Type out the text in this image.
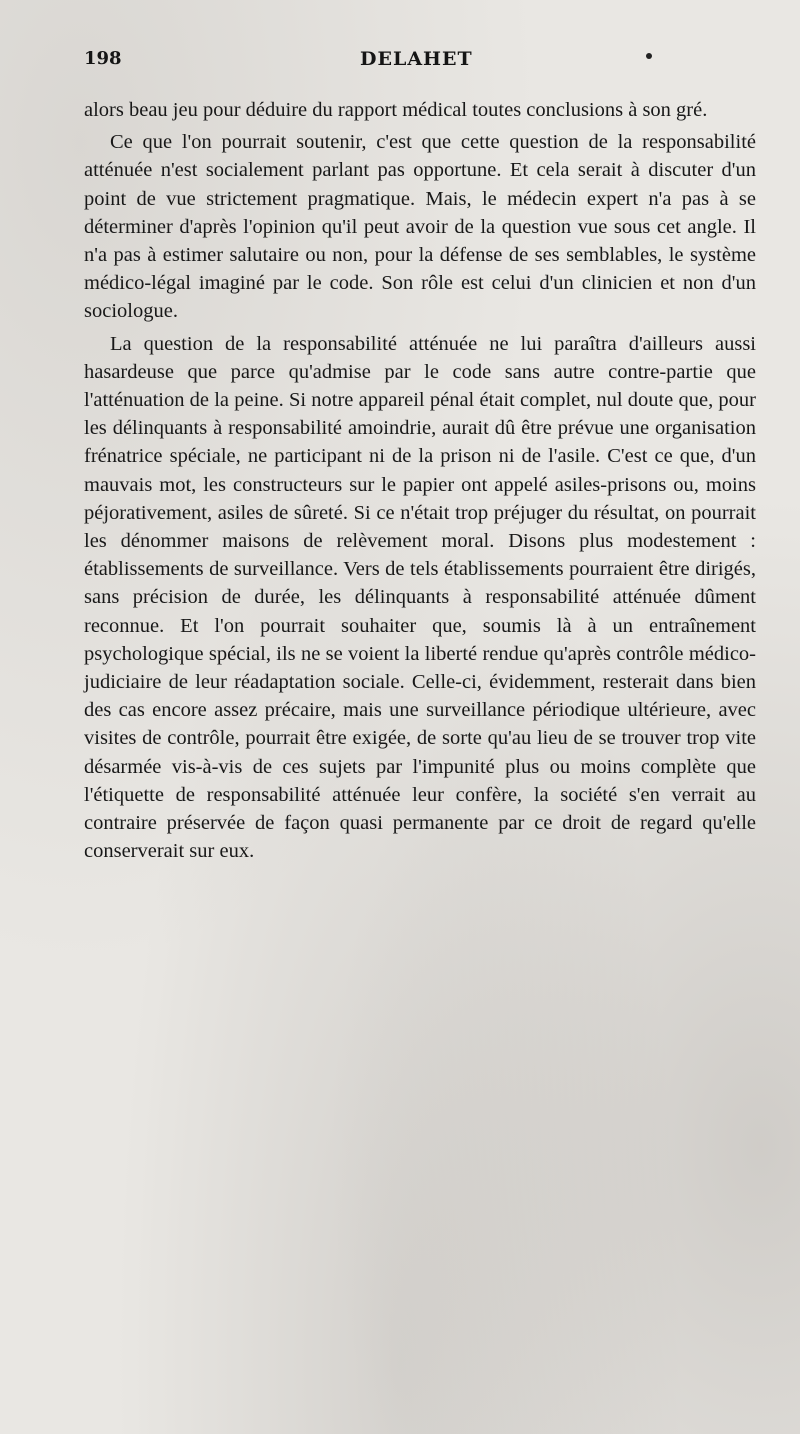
198	DELAHET

alors beau jeu pour déduire du rapport médical toutes conclusions à son gré.

Ce que l'on pourrait soutenir, c'est que cette question de la responsabilité atténuée n'est socialement parlant pas opportune. Et cela serait à discuter d'un point de vue strictement pragmatique. Mais, le médecin expert n'a pas à se déterminer d'après l'opinion qu'il peut avoir de la question vue sous cet angle. Il n'a pas à estimer salutaire ou non, pour la défense de ses semblables, le système médico-légal imaginé par le code. Son rôle est celui d'un clinicien et non d'un sociologue.

La question de la responsabilité atténuée ne lui paraîtra d'ailleurs aussi hasardeuse que parce qu'admise par le code sans autre contre-partie que l'atténuation de la peine. Si notre appareil pénal était complet, nul doute que, pour les délinquants à responsabilité amoindrie, aurait dû être prévue une organisation frénatrice spéciale, ne participant ni de la prison ni de l'asile. C'est ce que, d'un mauvais mot, les constructeurs sur le papier ont appelé asiles-prisons ou, moins péjorativement, asiles de sûreté. Si ce n'était trop préjuger du résultat, on pourrait les dénommer maisons de relèvement moral. Disons plus modestement : établissements de surveillance. Vers de tels établissements pourraient être dirigés, sans précision de durée, les délinquants à responsabilité atténuée dûment reconnue. Et l'on pourrait souhaiter que, soumis là à un entraînement psychologique spécial, ils ne se voient la liberté rendue qu'après contrôle médico-judiciaire de leur réadaptation sociale. Celle-ci, évidemment, resterait dans bien des cas encore assez précaire, mais une surveillance périodique ultérieure, avec visites de contrôle, pourrait être exigée, de sorte qu'au lieu de se trouver trop vite désarmée vis-à-vis de ces sujets par l'impunité plus ou moins complète que l'étiquette de responsabilité atténuée leur confère, la société s'en verrait au contraire préservée de façon quasi permanente par ce droit de regard qu'elle conserverait sur eux.
